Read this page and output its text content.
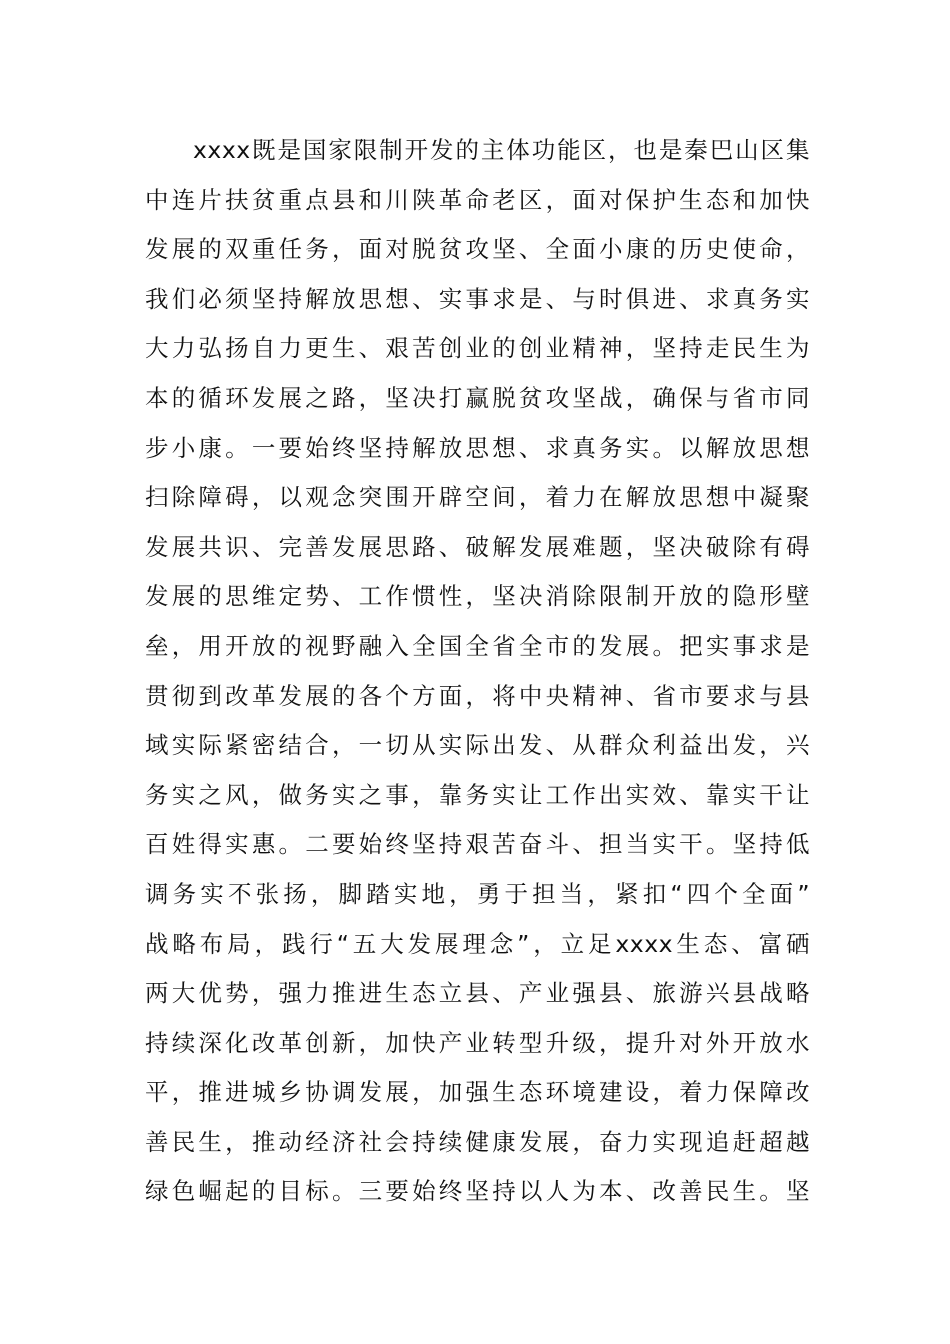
xxxx既是国家限制开发的主体功能区，也是秦巴山区集
中连片扶贫重点县和川陕革命老区，面对保护生态和加快
发展的双重任务，面对脱贫攻坚、全面小康的历史使命，
我们必须坚持解放思想、实事求是、与时俱进、求真务实
大力弘扬自力更生、艰苦创业的创业精神，坚持走民生为
本的循环发展之路，坚决打赢脱贫攻坚战，确保与省市同
步小康。一要始终坚持解放思想、求真务实。以解放思想
扫除障碍，以观念突围开辟空间，着力在解放思想中凝聚
发展共识、完善发展思路、破解发展难题，坚决破除有碍
发展的思维定势、工作惯性，坚决消除限制开放的隐形壁
垒，用开放的视野融入全国全省全市的发展。把实事求是
贯彻到改革发展的各个方面，将中央精神、省市要求与县
域实际紧密结合，一切从实际出发、从群众利益出发，兴
务实之风，做务实之事，靠务实让工作出实效、靠实干让
百姓得实惠。二要始终坚持艰苦奋斗、担当实干。坚持低
调务实不张扬，脚踏实地，勇于担当，紧扣“四个全面”
战略布局，践行“五大发展理念”，立足xxxx生态、富硒
两大优势，强力推进生态立县、产业强县、旅游兴县战略
持续深化改革创新，加快产业转型升级，提升对外开放水
平，推进城乡协调发展，加强生态环境建设，着力保障改
善民生，推动经济社会持续健康发展，奋力实现追赶超越
绿色崛起的目标。三要始终坚持以人为本、改善民生。坚
